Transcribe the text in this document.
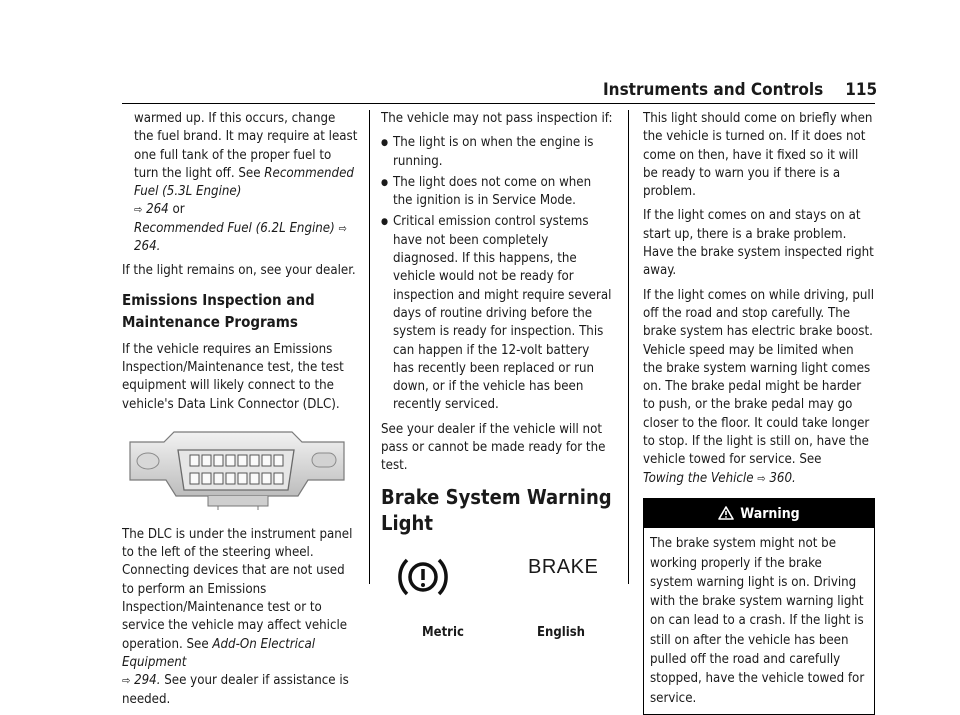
Instruments and Controls 115

warmed up. If this occurs, change the fuel brand. It may require at least one full tank of the proper fuel to turn the light off. See Recommended Fuel (5.3L Engine)
⇨ 264 or
Recommended Fuel (6.2L Engine) ⇨ 264.

If the light remains on, see your dealer.

Emissions Inspection and Maintenance Programs

If the vehicle requires an Emissions Inspection/Maintenance test, the test equipment will likely connect to the vehicle's Data Link Connector (DLC).

The DLC is under the instrument panel to the left of the steering wheel. Connecting devices that are not used to perform an Emissions Inspection/Maintenance test or to service the vehicle may affect vehicle operation. See Add-On Electrical Equipment
⇨ 294. See your dealer if assistance is needed.

The vehicle may not pass inspection if:

● The light is on when the engine is running.
● The light does not come on when the ignition is in Service Mode.
● Critical emission control systems have not been completely diagnosed. If this happens, the vehicle would not be ready for inspection and might require several days of routine driving before the system is ready for inspection. This can happen if the 12-volt battery has recently been replaced or run down, or if the vehicle has been recently serviced.

See your dealer if the vehicle will not pass or cannot be made ready for the test.

Brake System Warning Light
BRAKE
Metric	English

This light should come on briefly when the vehicle is turned on. If it does not come on then, have it fixed so it will be ready to warn you if there is a problem.

If the light comes on and stays on at start up, there is a brake problem. Have the brake system inspected right away.

If the light comes on while driving, pull off the road and stop carefully. The brake system has electric brake boost. Vehicle speed may be limited when the brake system warning light comes on. The brake pedal might be harder to push, or the brake pedal may go closer to the floor. It could take longer to stop. If the light is still on, have the vehicle towed for service. See
Towing the Vehicle ⇨ 360.

Warning

The brake system might not be working properly if the brake system warning light is on. Driving with the brake system warning light on can lead to a crash. If the light is still on after the vehicle has been pulled off the road and carefully stopped, have the vehicle towed for service.
